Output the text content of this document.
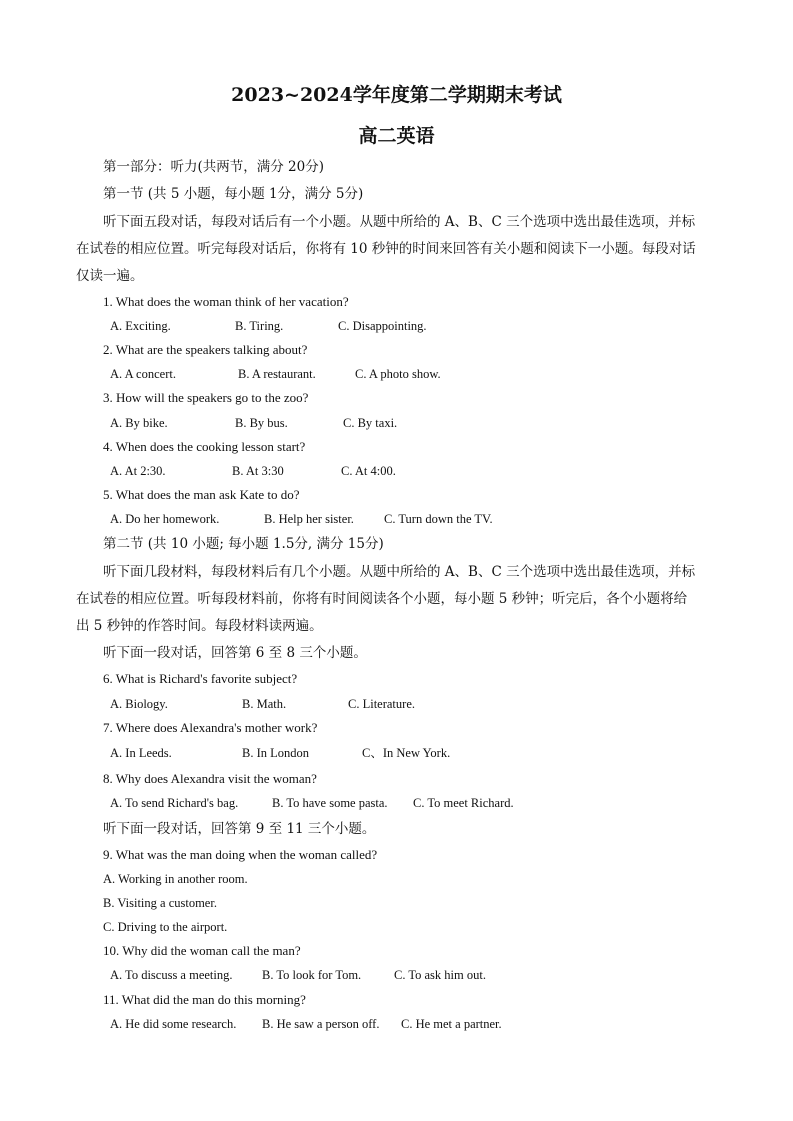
2023~2024学年度第二学期期末考试
高二英语
第一部分：听力(共两节，满分 20分)
第一节 (共 5 小题，每小题 1分，满分 5分)
听下面五段对话，每段对话后有一个小题。从题中所给的 A、B、C 三个选项中选出最佳选项，并标
在试卷的相应位置。听完每段对话后，你将有 10 秒钟的时间来回答有关小题和阅读下一小题。每段对话
仅读一遍。
1. What does the woman think of her vacation?
A. Exciting.	B. Tiring.	C. Disappointing.
2. What are the speakers talking about?
A. A concert.	B. A restaurant.	C. A photo show.
3. How will the speakers go to the zoo?
A. By bike.	B. By bus.	C. By taxi.
4. When does the cooking lesson start?
A. At 2:30.	B. At 3:30	C. At 4:00.
5. What does the man ask Kate to do?
A. Do her homework.	B. Help her sister. C. Turn down the TV.
第二节 (共 10 小题; 每小题 1.5分, 满分 15分)
听下面几段材料，每段材料后有几个小题。从题中所给的 A、B、C 三个选项中选出最佳选项，并标
在试卷的相应位置。听每段材料前，你将有时间阅读各个小题，每小题 5 秒钟；听完后，各个小题将给
出 5 秒钟的作答时间。每段材料读两遍。
听下面一段对话，回答第 6 至 8 三个小题。
6. What is Richard's favorite subject?
A. Biology.	B. Math.	C. Literature.
7. Where does Alexandra's mother work?
A. In Leeds.	B. In London	C、In New York.
8. Why does Alexandra visit the woman?
A. To send Richard's bag.	B. To have some pasta. C. To meet Richard.
听下面一段对话，回答第 9 至 11 三个小题。
9. What was the man doing when the woman called?
A. Working in another room.
B. Visiting a customer.
C. Driving to the airport.
10. Why did the woman call the man?
A. To discuss a meeting. B. To look for Tom.	C. To ask him out.
11. What did the man do this morning?
A. He did some research. B. He saw a person off. C. He met a partner.
